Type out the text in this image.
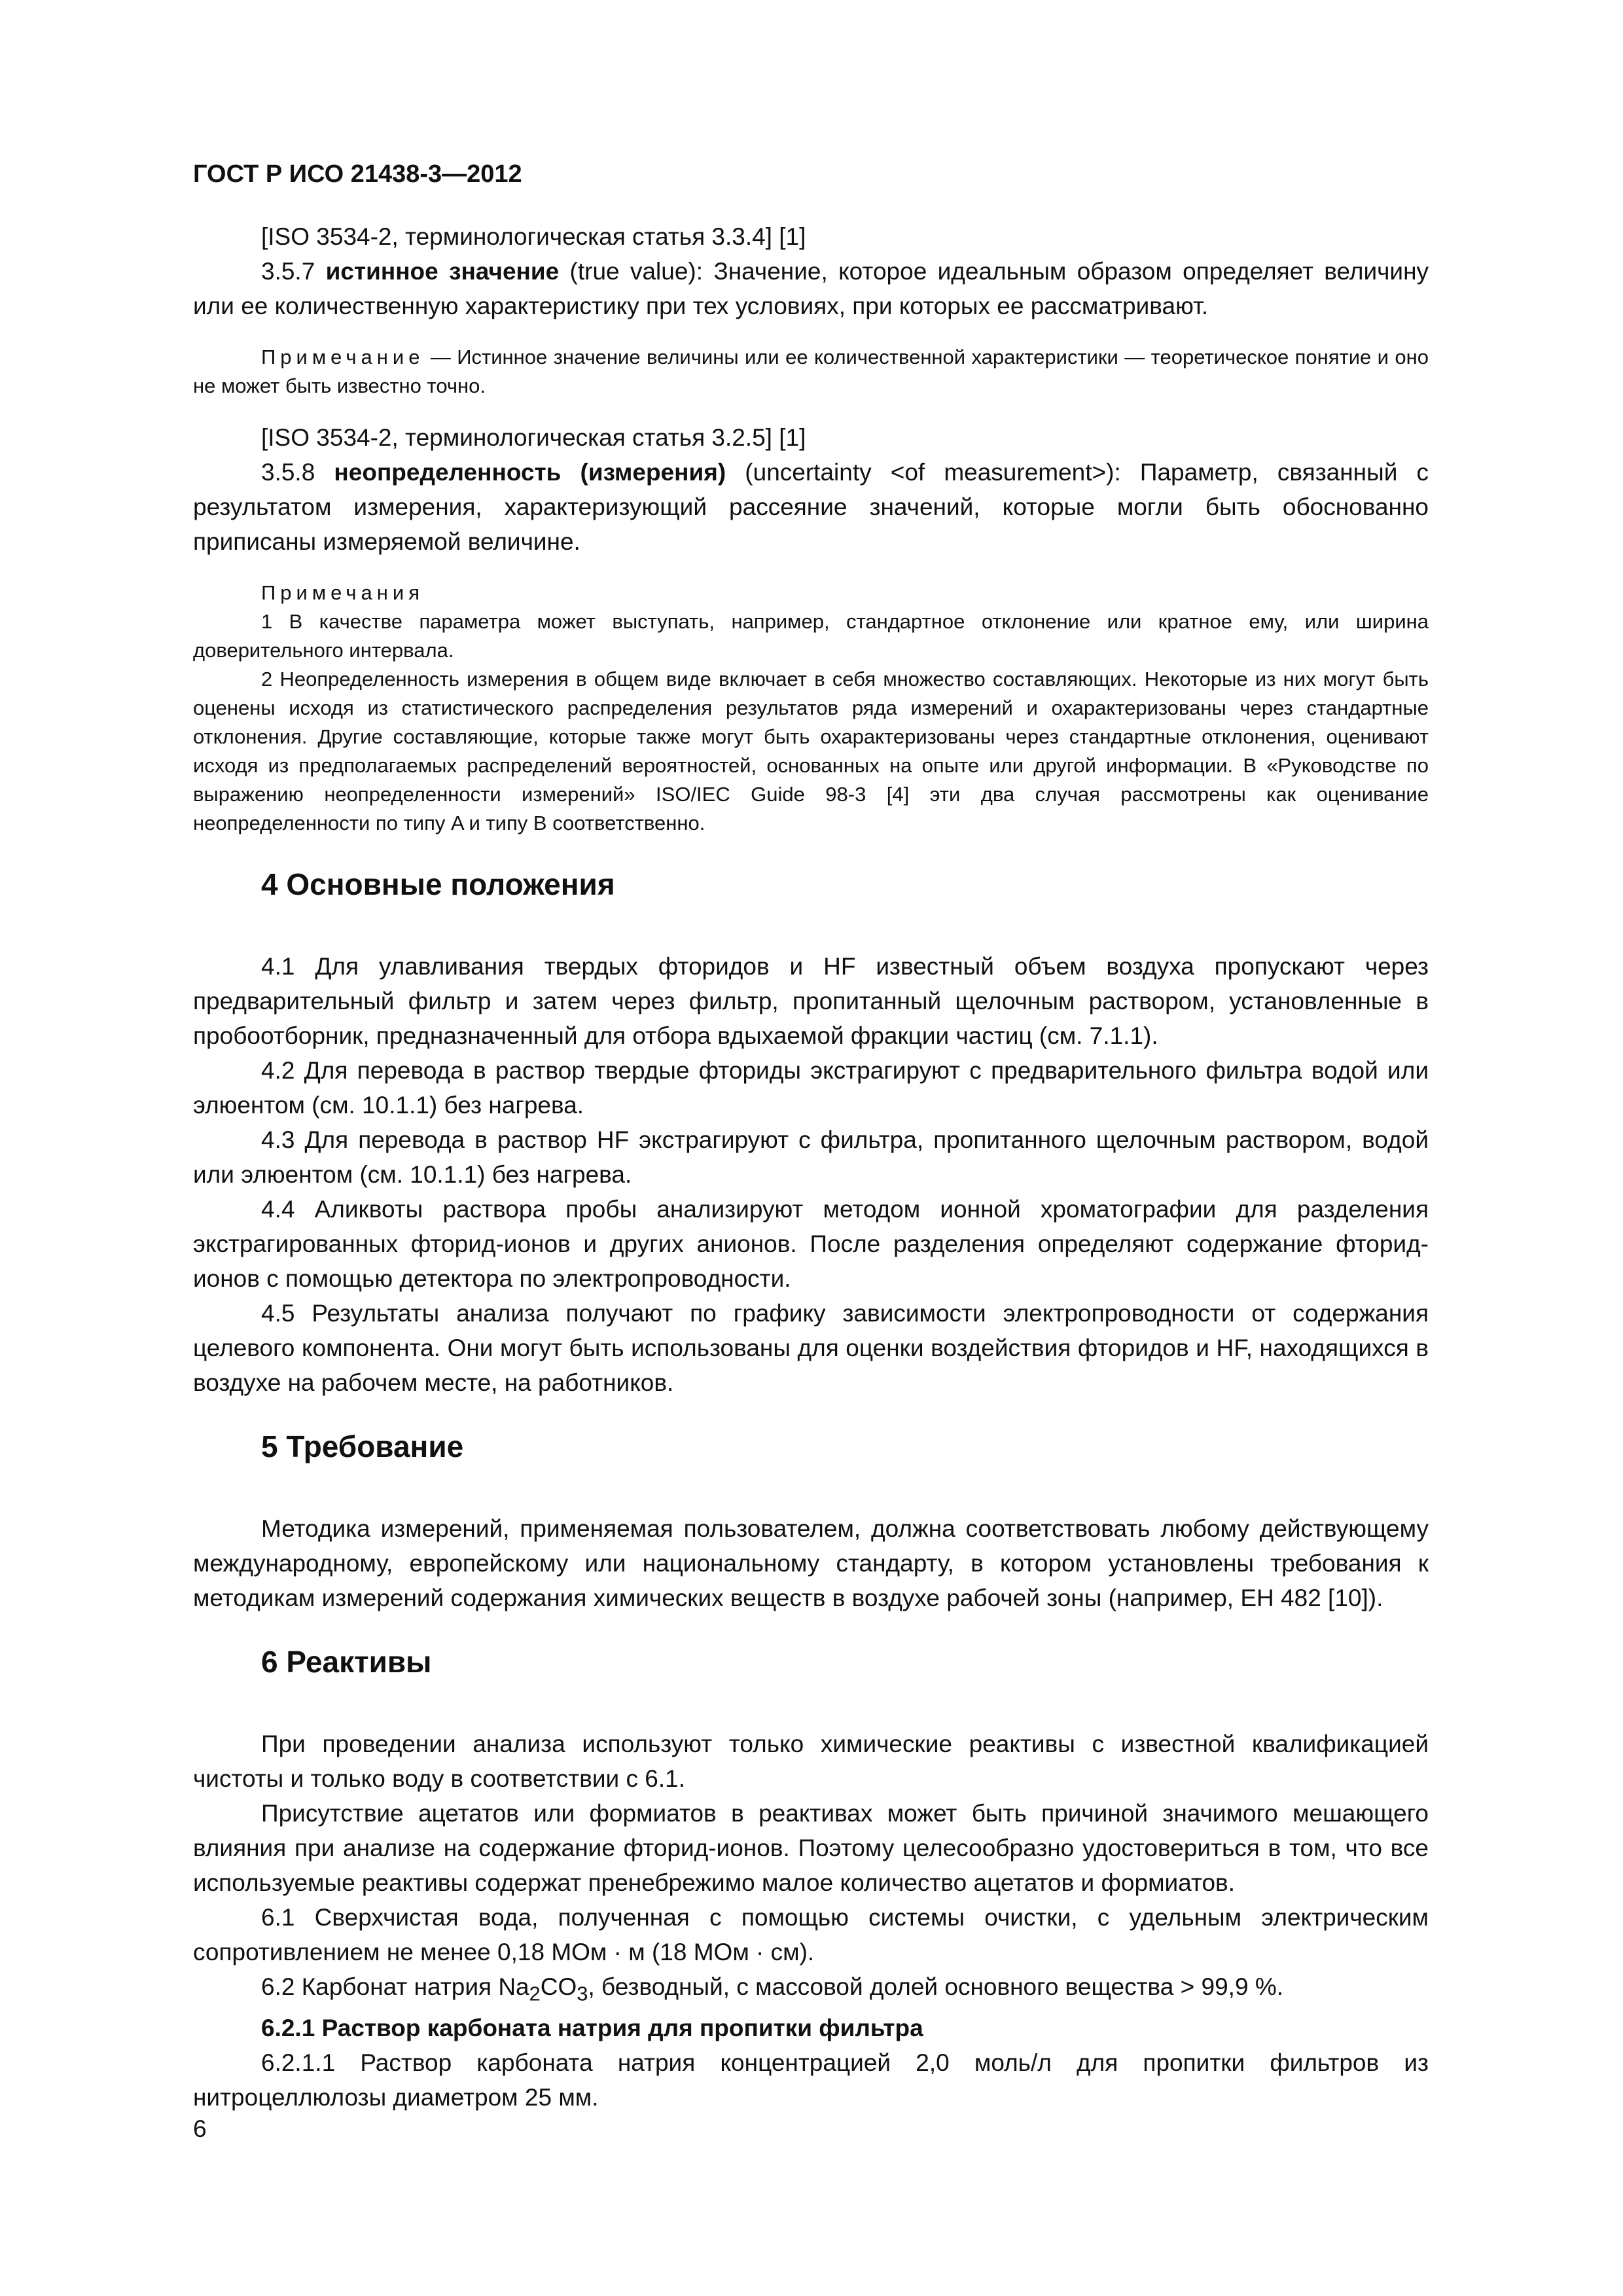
ГОСТ Р ИСО 21438-3—2012

[ISO 3534-2, терминологическая статья 3.3.4] [1]

3.5.7 истинное значение (true value): Значение, которое идеальным образом определяет величину или ее количественную характеристику при тех условиях, при которых ее рассматривают.

Примечание — Истинное значение величины или ее количественной характеристики — теоретическое понятие и оно не может быть известно точно.

[ISO 3534-2, терминологическая статья 3.2.5] [1]

3.5.8 неопределенность (измерения) (uncertainty <of measurement>): Параметр, связанный с результатом измерения, характеризующий рассеяние значений, которые могли быть обоснованно приписаны измеряемой величине.

Примечания

1 В качестве параметра может выступать, например, стандартное отклонение или кратное ему, или ширина доверительного интервала.

2 Неопределенность измерения в общем виде включает в себя множество составляющих. Некоторые из них могут быть оценены исходя из статистического распределения результатов ряда измерений и охарактеризованы через стандартные отклонения. Другие составляющие, которые также могут быть охарактеризованы через стандартные отклонения, оценивают исходя из предполагаемых распределений вероятностей, основанных на опыте или другой информации. В «Руководстве по выражению неопределенности измерений» ISO/IEC Guide 98-3 [4] эти два случая рассмотрены как оценивание неопределенности по типу A и типу B соответственно.

4 Основные положения

4.1 Для улавливания твердых фторидов и HF известный объем воздуха пропускают через предварительный фильтр и затем через фильтр, пропитанный щелочным раствором, установленные в пробоотборник, предназначенный для отбора вдыхаемой фракции частиц (см. 7.1.1).

4.2 Для перевода в раствор твердые фториды экстрагируют с предварительного фильтра водой или элюентом (см. 10.1.1) без нагрева.

4.3 Для перевода в раствор HF экстрагируют с фильтра, пропитанного щелочным раствором, водой или элюентом (см. 10.1.1) без нагрева.

4.4 Аликвоты раствора пробы анализируют методом ионной хроматографии для разделения экстрагированных фторид-ионов и других анионов. После разделения определяют содержание фторид-ионов с помощью детектора по электропроводности.

4.5 Результаты анализа получают по графику зависимости электропроводности от содержания целевого компонента. Они могут быть использованы для оценки воздействия фторидов и HF, находящихся в воздухе на рабочем месте, на работников.

5 Требование

Методика измерений, применяемая пользователем, должна соответствовать любому действующему международному, европейскому или национальному стандарту, в котором установлены требования к методикам измерений содержания химических веществ в воздухе рабочей зоны (например, ЕН 482 [10]).

6 Реактивы

При проведении анализа используют только химические реактивы с известной квалификацией чистоты и только воду в соответствии с 6.1.

Присутствие ацетатов или формиатов в реактивах может быть причиной значимого мешающего влияния при анализе на содержание фторид-ионов. Поэтому целесообразно удостовериться в том, что все используемые реактивы содержат пренебрежимо малое количество ацетатов и формиатов.

6.1 Сверхчистая вода, полученная с помощью системы очистки, с удельным электрическим сопротивлением не менее 0,18 МОм · м (18 МОм · см).

6.2 Карбонат натрия $Na_2CO_3$, безводный, с массовой долей основного вещества > 99,9 %.

6.2.1 Раствор карбоната натрия для пропитки фильтра

6.2.1.1 Раствор карбоната натрия концентрацией 2,0 моль/л для пропитки фильтров из нитроцеллюлозы диаметром 25 мм.

6
